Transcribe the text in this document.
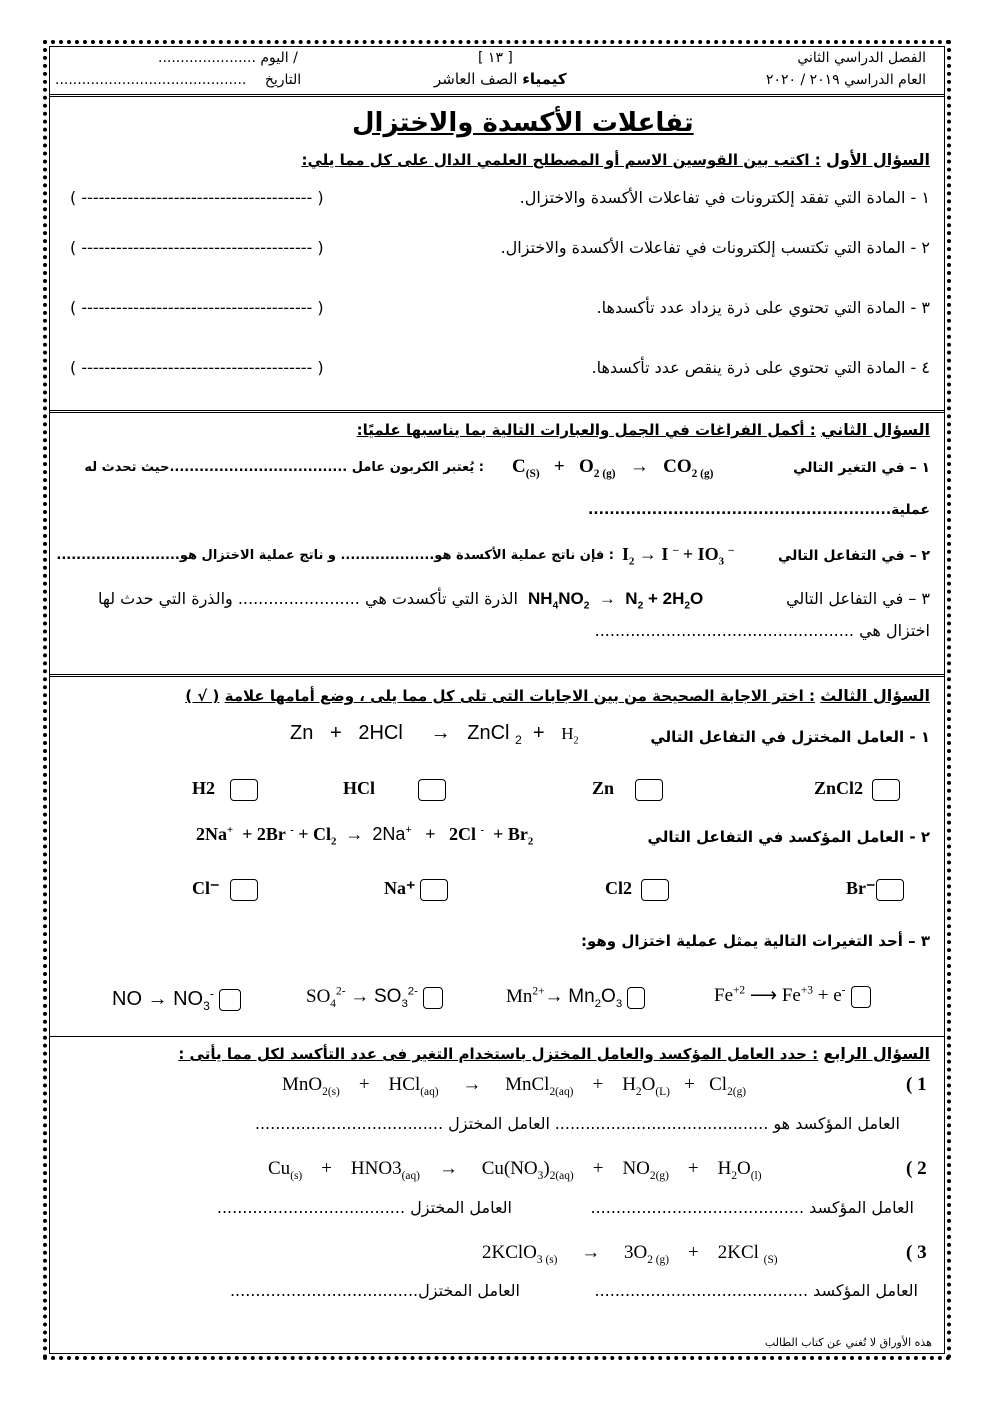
الفصل الدراسي الثاني
العام الدراسي ٢٠١٩ / ٢٠٢٠
[ ١٣ ]
كيمياء الصف العاشر
...................... اليوم /
........................................... التاريخ
تفاعلات الأكسدة والاختزال
السؤال الأول : اكتب بين القوسين الاسم أو المصطلح العلمي الدال على كل مما يلي:
١ - المادة التي تفقد إلكترونات في تفاعلات الأكسدة والاختزال.
( ---------------------------------------- )
٢ - المادة التي تكتسب إلكترونات في تفاعلات الأكسدة والاختزال.
( ---------------------------------------- )
٣ - المادة التي تحتوي على ذرة يزداد عدد تأكسدها.
( ---------------------------------------- )
٤ - المادة التي تحتوي على ذرة ينقص عدد تأكسدها.
( ---------------------------------------- )
السؤال الثاني : أكمل الفراغات في الجمل والعبارات التالية بما يناسبها علميًا:
١ – في التغير التالي
$C_{(S)} + O_2$ $_{(g)} \to CO_2$ $_{(g)}$
: يُعتبر الكربون عامل ....................................حيث تحدث له
عملية.........................................................
٢ – في التفاعل التالي
$I_2 \to I$ $^- + IO_3$ –
: فإن ناتج عملية الأكسدة هو................... و ناتج عملية الاختزال هو.........................
٣ – في التفاعل التالي
$NH_4NO_2 \to N_2 + 2H_2O$
الذرة التي تأكسدت هي ........................ والذرة التي حدث لها
اختزال هي ...................................................
السؤال الثالث : اختر الاجابة الصحيحة من بين الاجابات التى تلى كل مما يلى ، وضع أمامها علامة ( √ )
١ - العامل المختزل في التفاعل التالي
Zn   +   2HCl     →   ZnCl $_2 + H_2$
H2	HCl	Zn	ZnCl2
٢ - العامل المؤكسد في التفاعل التالي
2Na+  + 2Br $^- + Cl_2 \to 2Na^+ + 2Cl$ $^- + Br_2$
Cl⁻	Na⁺	Cl2	Br⁻
٣ – أحد التغيرات التالية يمثل عملية اختزال وهو:
NO → $NO_3^-$	$SO_4^{2-} \to SO_3^{2-}$	$Mn^{2+}\to Mn_2O_3$	$Fe^{+2}$ ⟶ $Fe^{+3} + e^-$
السؤال الرابع : حدد العامل المؤكسد والعامل المختزل باستخدام التغير فى عدد التأكسد لكل مما يأتى :
MnO$_{2(s)}$    +    HCl$_{(aq)}$     →     MnCl$_{2(aq)}$    +    $H_2O_{(L)} + Cl_{2(g)}$	( 1
العامل المؤكسد هو ..........................................
العامل المختزل .....................................
$Cu_{(s)}$    +    $HNO3_{(aq)}$    →     $Cu(NO_3)_{2(aq)}$    +    $NO_{2(g)}$    +    $H_2O_{(l)}$	( 2
العامل المؤكسد ..........................................
العامل المختزل .....................................
2KClO$_{3 (s)}$     →     $3O_{2 (g)}$    +    2KCl $_{(S)}$	( 3
العامل المؤكسد ..........................................
العامل المختزل.....................................
هذه الأوراق لا تُغني عن كتاب الطالب
